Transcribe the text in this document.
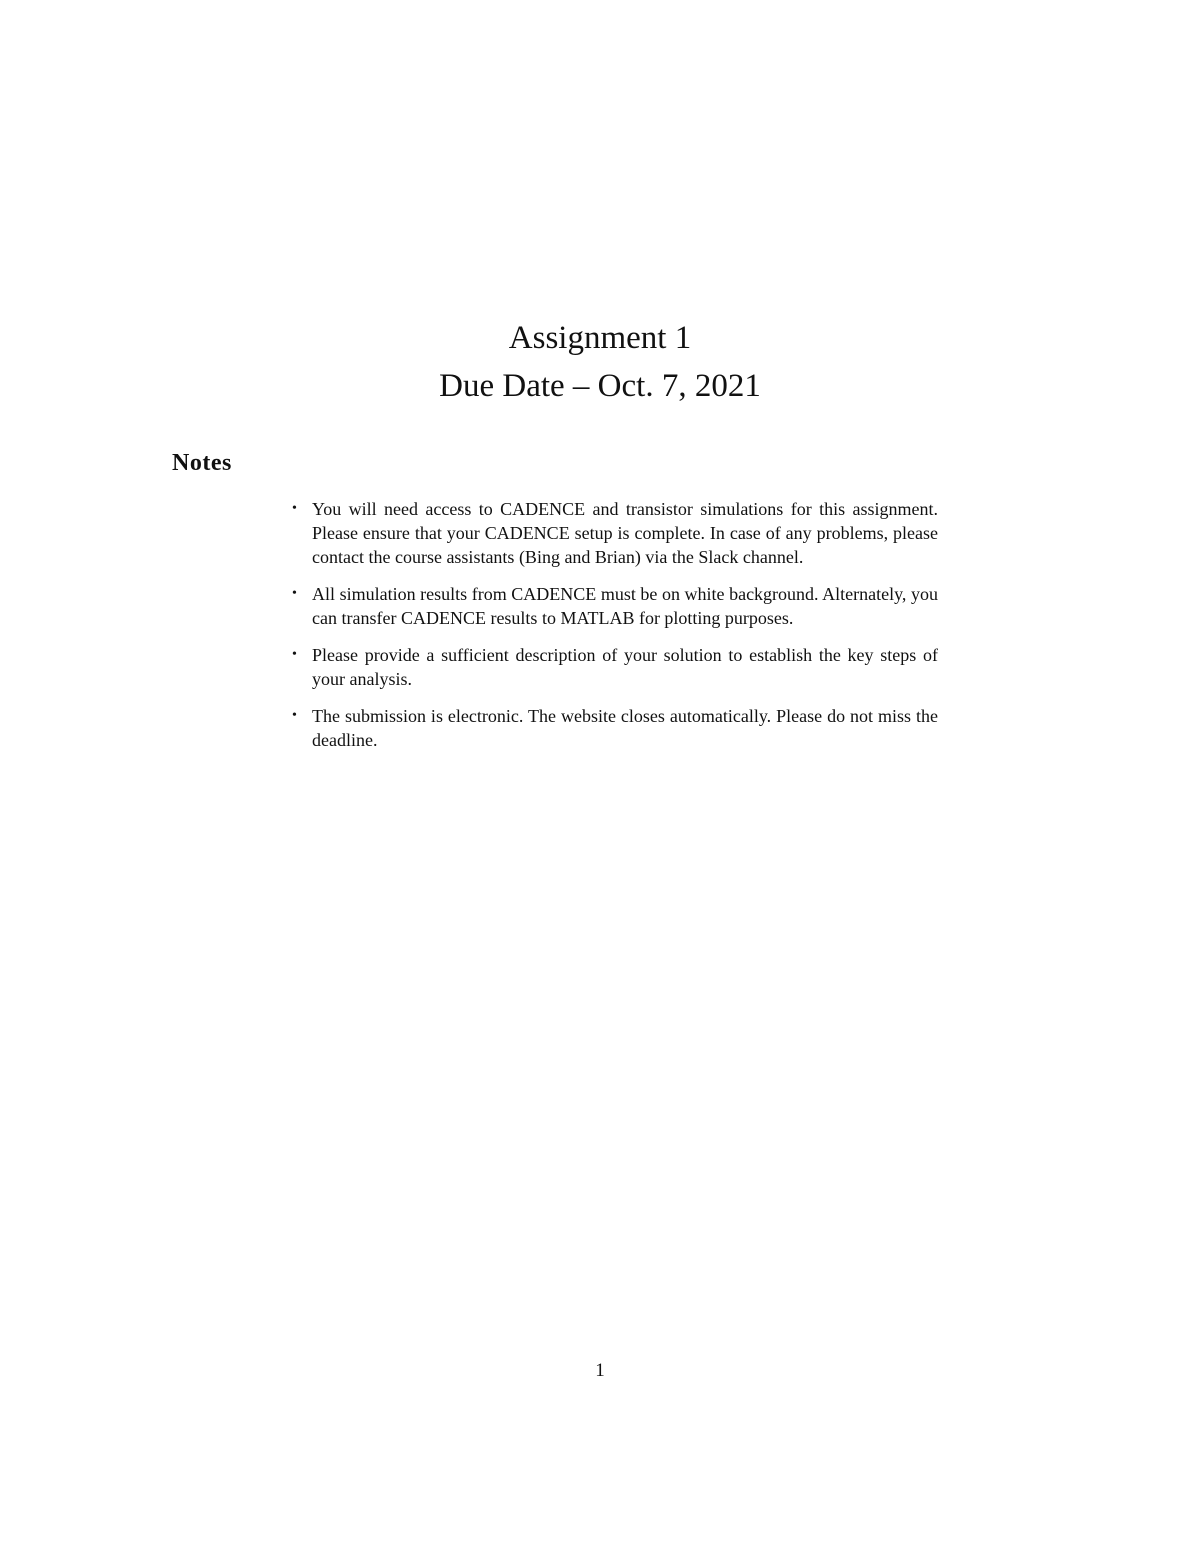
Assignment 1

Due Date – Oct. 7, 2021

Notes
• You will need access to CADENCE and transistor simulations for this assignment. Please ensure that your CADENCE setup is complete. In case of any problems, please contact the course assistants (Bing and Brian) via the Slack channel.
• All simulation results from CADENCE must be on white background. Alternately, you can transfer CADENCE results to MATLAB for plotting purposes.
• Please provide a sufficient description of your solution to establish the key steps of your analysis.
• The submission is electronic. The website closes automatically. Please do not miss the deadline.
1
